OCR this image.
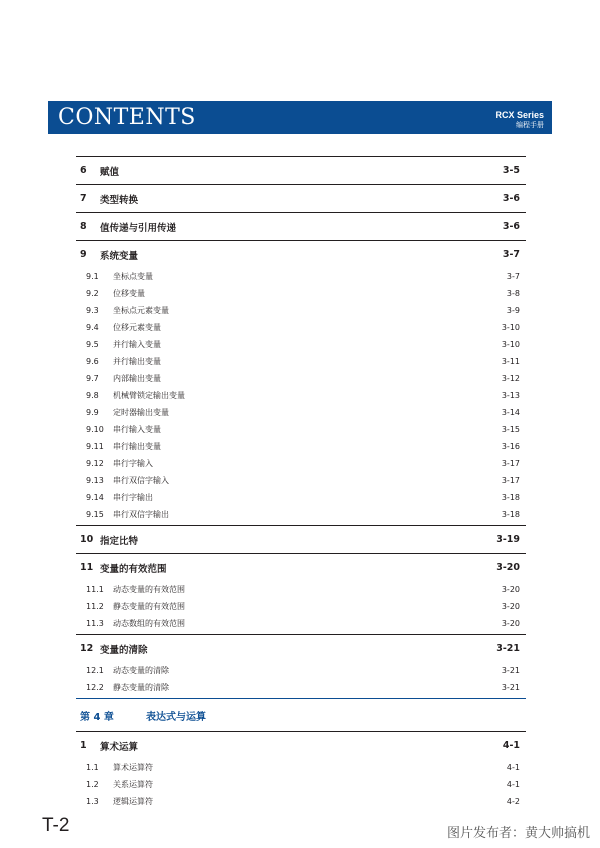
CONTENTS	RCX Series
编程手册
6	赋值	3-5
7	类型转换	3-6
8	值传递与引用传递	3-6
9	系统变量	3-7
9.1	坐标点变量	3-7
9.2	位移变量	3-8
9.3	坐标点元素变量	3-9
9.4	位移元素变量	3-10
9.5	并行输入变量	3-10
9.6	并行输出变量	3-11
9.7	内部输出变量	3-12
9.8	机械臂锁定输出变量	3-13
9.9	定时器输出变量	3-14
9.10	串行输入变量	3-15
9.11	串行输出变量	3-16
9.12	串行字输入	3-17
9.13	串行双信字输入	3-17
9.14	串行字输出	3-18
9.15	串行双信字输出	3-18
10 指定比特	3-19
11 变量的有效范围	3-20
11.1	动态变量的有效范围	3-20
11.2	静态变量的有效范围	3-20
11.3	动态数组的有效范围	3-20
12 变量的清除	3-21
12.1	动态变量的清除	3-21
12.2	静态变量的清除	3-21
第 4 章	表达式与运算
1	算术运算	4-1
1.1	算术运算符	4-1
1.2	关系运算符	4-1
1.3	逻辑运算符	4-2
T-2	图片发布者：黄大帅搞机
